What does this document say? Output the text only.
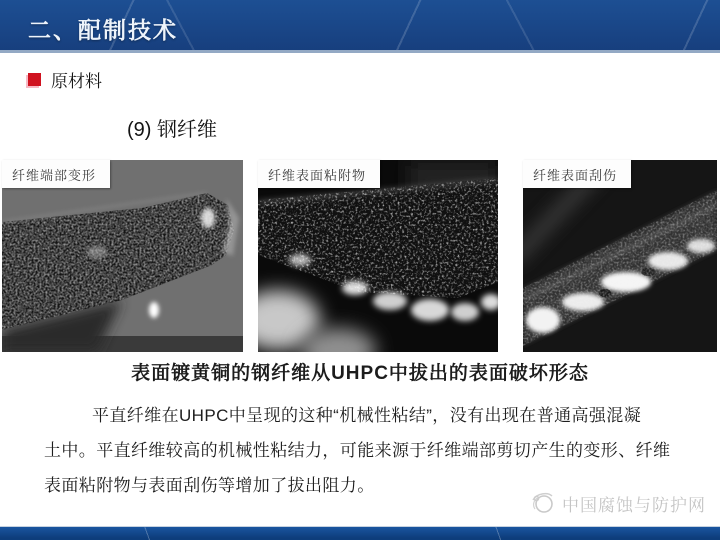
二、配制技术
原材料
(9) 钢纤维
纤维端部变形	纤维表面粘附物	纤维表面刮伤
表面镀黄铜的钢纤维从UHPC中拔出的表面破坏形态
平直纤维在UHPC中呈现的这种“机械性粘结”，没有出现在普通高强混凝
土中。平直纤维较高的机械性粘结力，可能来源于纤维端部剪切产生的变形、纤维
表面粘附物与表面刮伤等增加了拔出阻力。
中国腐蚀与防护网
